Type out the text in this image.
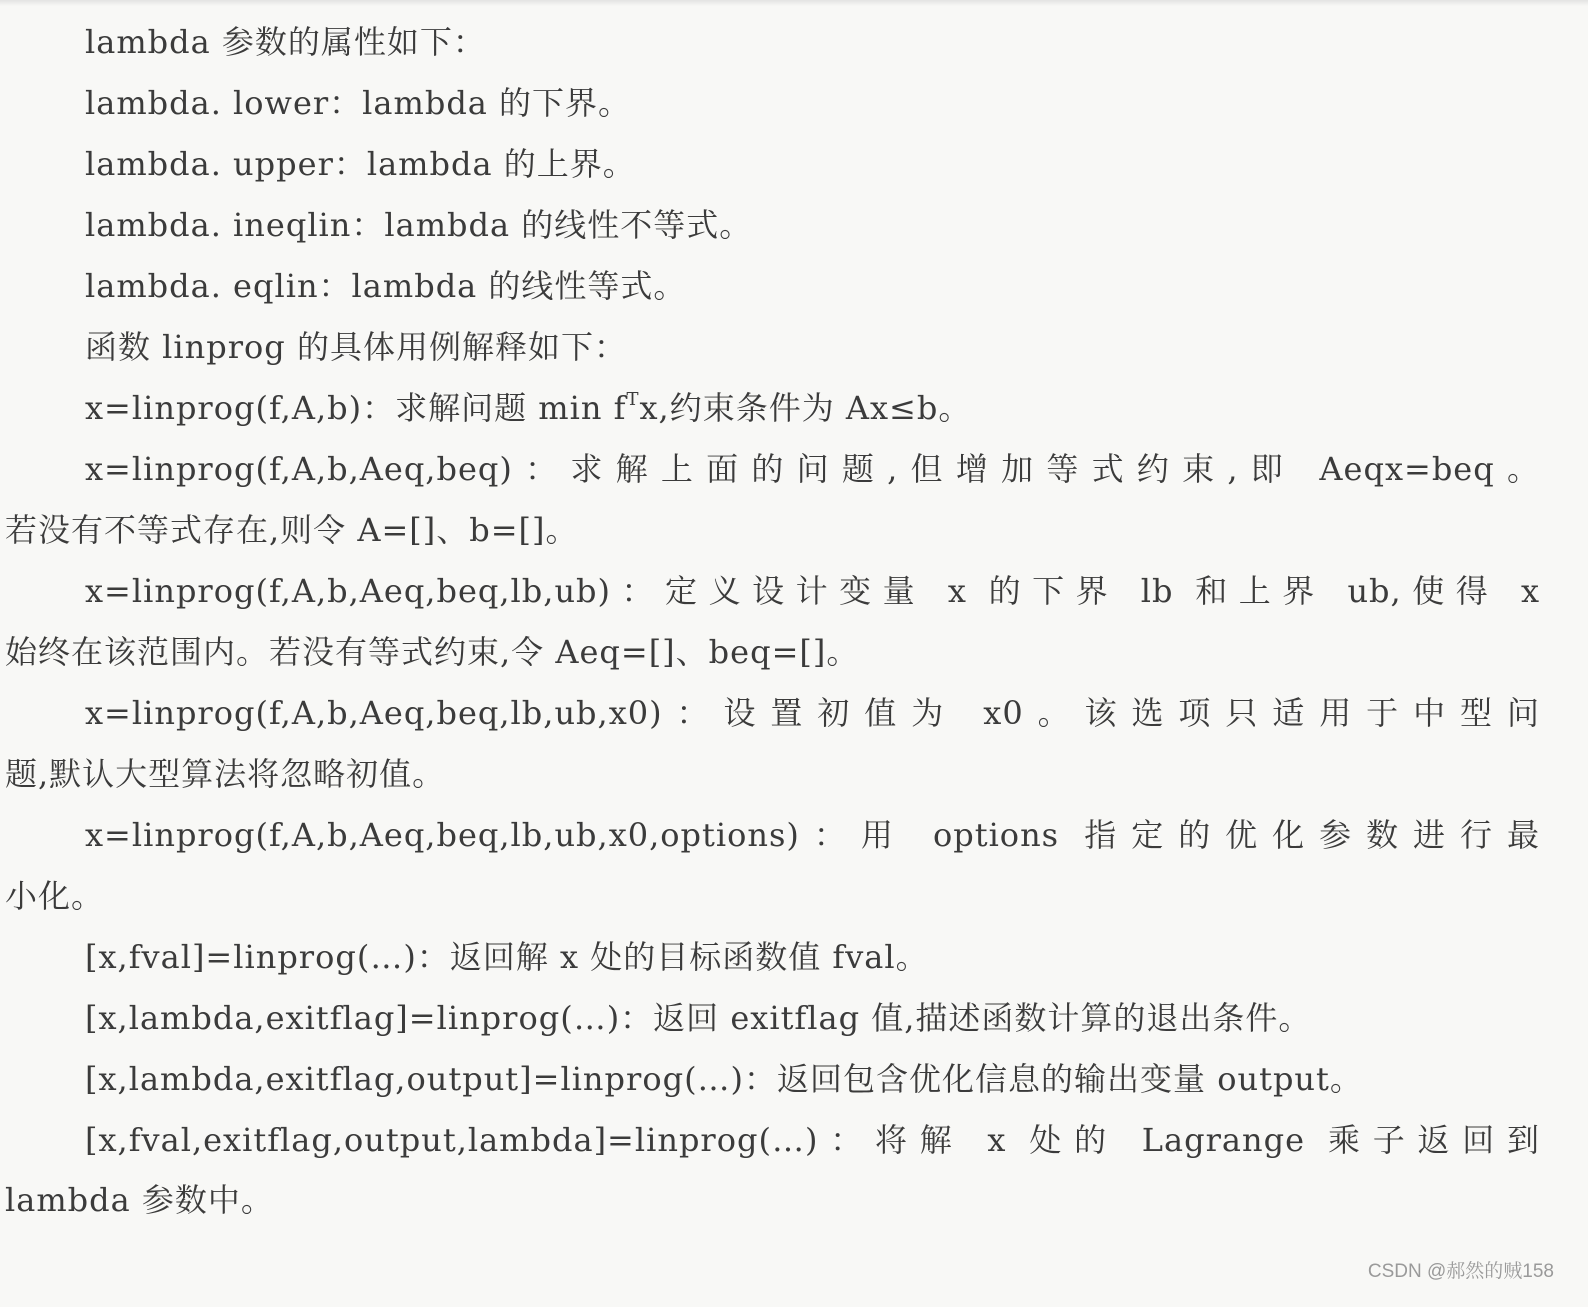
lambda 参数的属性如下：
lambda. lower：lambda 的下界。
lambda. upper：lambda 的上界。
lambda. ineqlin：lambda 的线性不等式。
lambda. eqlin：lambda 的线性等式。
函数 linprog 的具体用例解释如下：
x=linprog(f,A,b)：求解问题 $\min f^Tx$,约束条件为 Ax≤b。
x=linprog(f,A,b,Aeq,beq)：求解上面的问题,但增加等式约束,即 Aeqx=beq。
若没有不等式存在,则令 A=[]、b=[]。
x=linprog(f,A,b,Aeq,beq,lb,ub)：定义设计变量 x 的下界 lb 和上界 ub,使得 x
始终在该范围内。若没有等式约束,令 Aeq=[]、beq=[]。
x=linprog(f,A,b,Aeq,beq,lb,ub,x0)：设置初值为 x0。该选项只适用于中型问
题,默认大型算法将忽略初值。
x=linprog(f,A,b,Aeq,beq,lb,ub,x0,options)：用 options 指定的优化参数进行最
小化。
[x,fval]=linprog(…)：返回解 x 处的目标函数值 fval。
[x,lambda,exitflag]=linprog(…)：返回 exitflag 值,描述函数计算的退出条件。
[x,lambda,exitflag,output]=linprog(…)：返回包含优化信息的输出变量 output。
[x,fval,exitflag,output,lambda]=linprog(…)：将解 x 处的 Lagrange 乘子返回到
lambda 参数中。
CSDN @郝然的贼158
